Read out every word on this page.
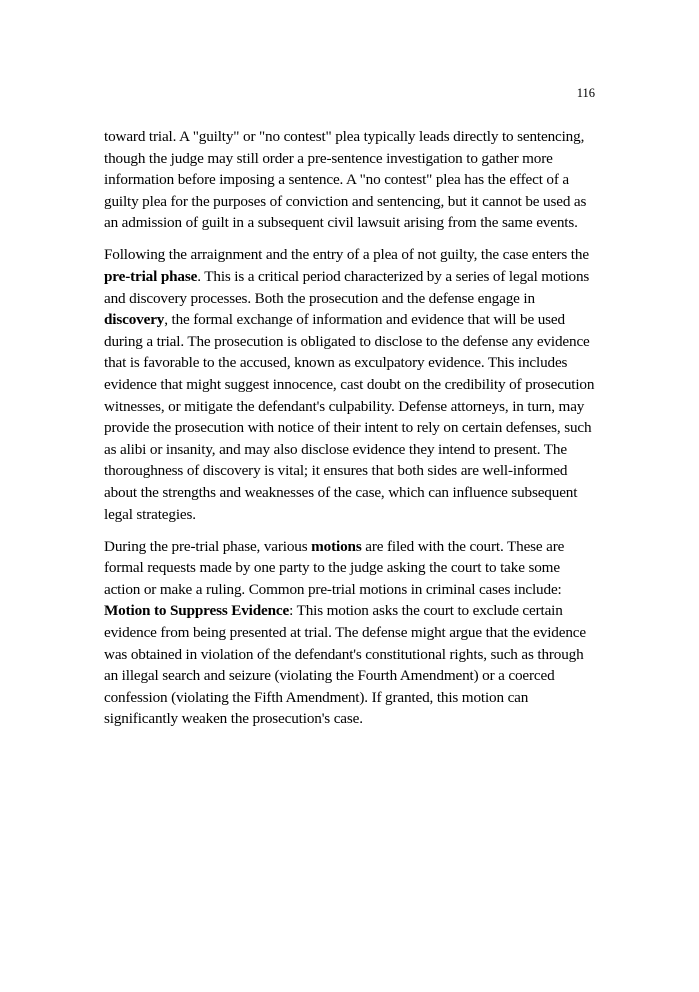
116

toward trial. A "guilty" or "no contest" plea typically leads directly to sentencing, though the judge may still order a pre-sentence investigation to gather more information before imposing a sentence. A "no contest" plea has the effect of a guilty plea for the purposes of conviction and sentencing, but it cannot be used as an admission of guilt in a subsequent civil lawsuit arising from the same events.

Following the arraignment and the entry of a plea of not guilty, the case enters the pre-trial phase. This is a critical period characterized by a series of legal motions and discovery processes. Both the prosecution and the defense engage in discovery, the formal exchange of information and evidence that will be used during a trial. The prosecution is obligated to disclose to the defense any evidence that is favorable to the accused, known as exculpatory evidence. This includes evidence that might suggest innocence, cast doubt on the credibility of prosecution witnesses, or mitigate the defendant's culpability. Defense attorneys, in turn, may provide the prosecution with notice of their intent to rely on certain defenses, such as alibi or insanity, and may also disclose evidence they intend to present. The thoroughness of discovery is vital; it ensures that both sides are well-informed about the strengths and weaknesses of the case, which can influence subsequent legal strategies.

During the pre-trial phase, various motions are filed with the court. These are formal requests made by one party to the judge asking the court to take some action or make a ruling. Common pre-trial motions in criminal cases include: Motion to Suppress Evidence: This motion asks the court to exclude certain evidence from being presented at trial. The defense might argue that the evidence was obtained in violation of the defendant's constitutional rights, such as through an illegal search and seizure (violating the Fourth Amendment) or a coerced confession (violating the Fifth Amendment). If granted, this motion can significantly weaken the prosecution's case.
